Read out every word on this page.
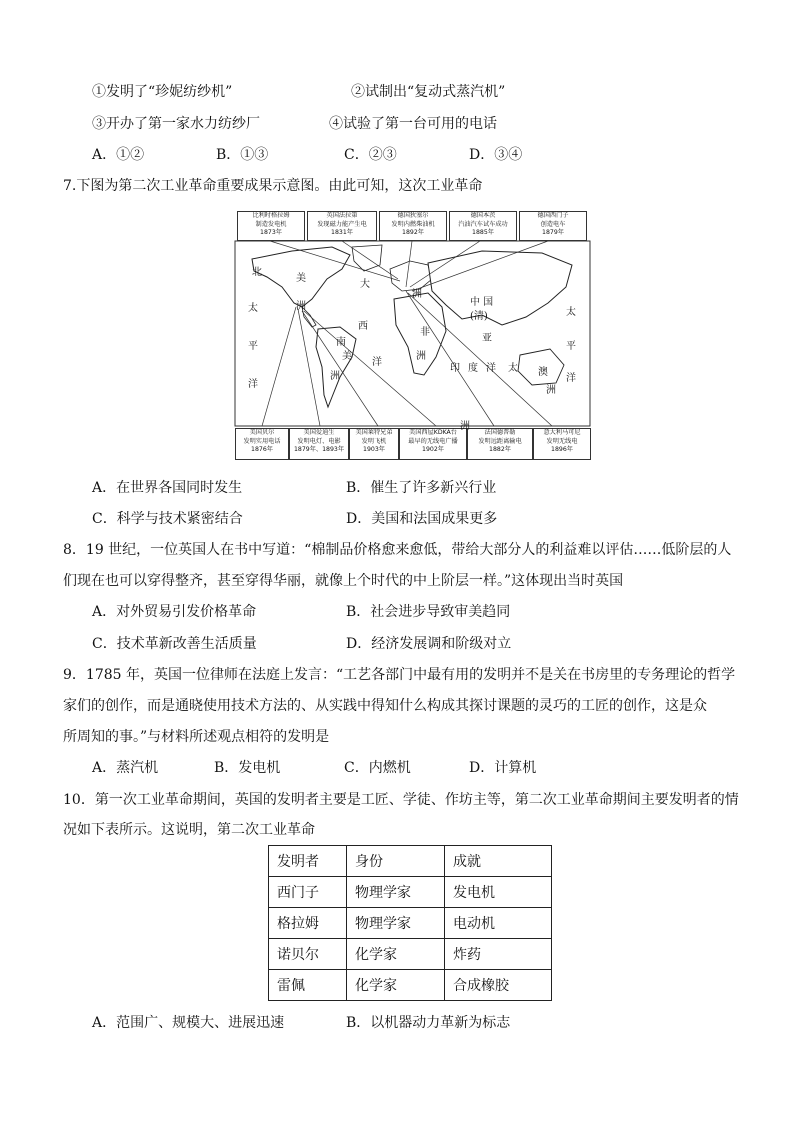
①发明了“珍妮纺纱机”	②试制出“复动式蒸汽机”
③开办了第一家水力纺纱厂	④试验了第一台可用的电话
A．①②	B．①③	C．②③	D．③④
7.下图为第二次工业革命重要成果示意图。由此可知，这次工业革命
比利时格拉姆
制造发电机
1873年
英国法拉第
发现磁力能产生电
1831年
德国狄塞尔
发明内燃柴油机
1892年
德国本茨
汽油汽车试车成功
1885年
德国西门子
创造电车
1879年
美国贝尔
发明实用电话
1876年
美国爱迪生
发明电灯、电影
1879年、1893年
美国莱特兄弟
发明飞机
1903年
美国西屋KDKA台
最早的无线电广播
1902年
法国德普勒
发明远距离输电
1882年
意大利马可尼
发明无线电
1896年
北
美
洲
太
平
洋
大
西
洋
南
美
洲
洲
非
洲
印 度 洋
中 国
(清)
亚
太 澳
洲
洲
太
平
洋
A．在世界各国同时发生	B．催生了许多新兴行业
C．科学与技术紧密结合	D．美国和法国成果更多
8．19 世纪，一位英国人在书中写道：“棉制品价格愈来愈低，带给大部分人的利益难以评估……低阶层的人
们现在也可以穿得整齐，甚至穿得华丽，就像上个时代的中上阶层一样。”这体现出当时英国
A．对外贸易引发价格革命	B．社会进步导致审美趋同
C．技术革新改善生活质量	D．经济发展调和阶级对立
9．1785 年，英国一位律师在法庭上发言：“工艺各部门中最有用的发明并不是关在书房里的专务理论的哲学
家们的创作，而是通晓使用技术方法的、从实践中得知什么构成其探讨课题的灵巧的工匠的创作，这是众
所周知的事。”与材料所述观点相符的发明是
A．蒸汽机	B．发电机	C．内燃机	D．计算机
10．第一次工业革命期间，英国的发明者主要是工匠、学徒、作坊主等，第二次工业革命期间主要发明者的情
况如下表所示。这说明，第二次工业革命
发明者	身份	成就
西门子	物理学家	发电机
格拉姆	物理学家	电动机
诺贝尔	化学家	炸药
雷佩	化学家	合成橡胶
A．范围广、规模大、进展迅速	B．以机器动力革新为标志
